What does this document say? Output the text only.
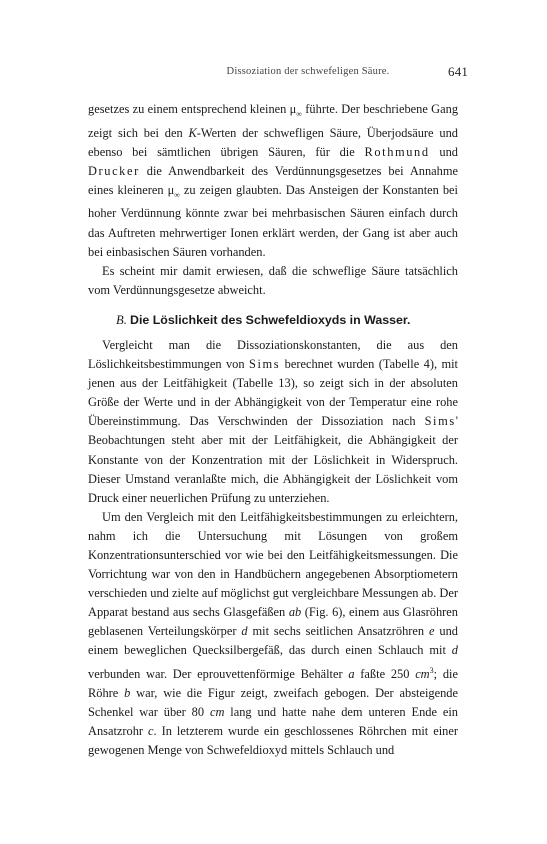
Dissoziation der schwefeligen Säure.	641

gesetzes zu einem entsprechend kleinen $\mu_\infty$ führte. Der beschriebene Gang zeigt sich bei den K-Werten der schwefligen Säure, Überjodsäure und ebenso bei sämtlichen übrigen Säuren, für die Rothmund und Drucker die Anwendbarkeit des Verdünnungsgesetzes bei Annahme eines kleineren $\mu_\infty$ zu zeigen glaubten. Das Ansteigen der Konstanten bei hoher Verdünnung könnte zwar bei mehrbasischen Säuren einfach durch das Auftreten mehrwertiger Ionen erklärt werden, der Gang ist aber auch bei einbasischen Säuren vorhanden.

Es scheint mir damit erwiesen, daß die schweflige Säure tatsächlich vom Verdünnungsgesetze abweicht.

B. Die Löslichkeit des Schwefeldioxyds in Wasser.

Vergleicht man die Dissoziationskonstanten, die aus den Löslichkeitsbestimmungen von Sims berechnet wurden (Tabelle 4), mit jenen aus der Leitfähigkeit (Tabelle 13), so zeigt sich in der absoluten Größe der Werte und in der Abhängigkeit von der Temperatur eine rohe Übereinstimmung. Das Verschwinden der Dissoziation nach Sims' Beobachtungen steht aber mit der Leitfähigkeit, die Abhängigkeit der Konstante von der Konzentration mit der Löslichkeit in Widerspruch. Dieser Umstand veranlaßte mich, die Abhängigkeit der Löslichkeit vom Druck einer neuerlichen Prüfung zu unterziehen.

Um den Vergleich mit den Leitfähigkeitsbestimmungen zu erleichtern, nahm ich die Untersuchung mit Lösungen von großem Konzentrationsunterschied vor wie bei den Leitfähigkeitsmessungen. Die Vorrichtung war von den in Handbüchern angegebenen Absorptiometern verschieden und zielte auf möglichst gut vergleichbare Messungen ab. Der Apparat bestand aus sechs Glasgefäßen ab (Fig. 6), einem aus Glasröhren geblasenen Verteilungskörper d mit sechs seitlichen Ansatzröhren e und einem beweglichen Quecksilbergefäß, das durch einen Schlauch mit d verbunden war. Der eprouvettenförmige Behälter a faßte 250 $cm^3$; die Röhre b war, wie die Figur zeigt, zweifach gebogen. Der absteigende Schenkel war über 80 cm lang und hatte nahe dem unteren Ende ein Ansatzrohr c. In letzterem wurde ein geschlossenes Röhrchen mit einer gewogenen Menge von Schwefeldioxyd mittels Schlauch und
